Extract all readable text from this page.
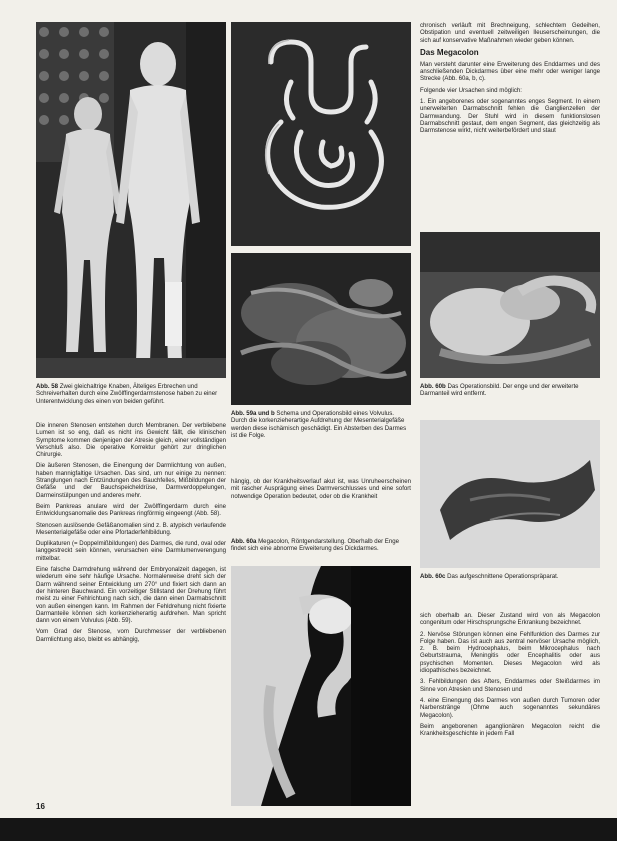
Abb. 58 Zwei gleichaltrige Knaben, Älteliges Erbrechen und Schreiverhalten durch eine Zwölffingerdarmstenose haben zu einer Unterentwicklung des einen von beiden geführt.

Die inneren Stenosen entstehen durch Membranen. Der verbliebene Lumen ist so eng, daß es nicht ins Gewicht fällt, die klinischen Symptome kommen denjenigen der Atresie gleich, einer vollständigen Verschluß also. Die operative Korrektur gehört zur dringlichen Chirurgie.

Die äußeren Stenosen, die Einengung der Darmlichtung von außen, haben mannigfaltige Ursachen. Das sind, um nur einige zu nennen: Stranglungen nach Entzündungen des Bauchfelles, Mißbildungen der Gefäße und der Bauchspeicheldrüse, Darmverdoppelungen, Darmeinstülpungen und anderes mehr.

Beim Pankreas anulare wird der Zwölffingerdarm durch eine Entwicklungsanomalie des Pankreas ringförmig eingeengt (Abb. 58).

Stenosen auslösende Gefäßanomalien sind z. B. atypisch verlaufende Mesenterialgefäße oder eine Pfortaderfehlbildung.

Duplikaturen (= Doppelmißbildungen) des Darmes, die rund, oval oder langgestreckt sein können, verursachen eine Darmlumenverengung mittelbar.

Eine falsche Darmdrehung während der Embryonalzeit dagegen, ist wiederum eine sehr häufige Ursache. Normalerweise dreht sich der Darm während seiner Entwicklung um 270° und fixiert sich dann an der hinteren Bauchwand. Ein vorzeitiger Stillstand der Drehung führt meist zu einer Fehlrichtung nach sich, die dann einen Darmabschnitt von außen einengen kann. Im Rahmen der Fehldrehung nicht fixierte Darmanteile können sich korkenzieherartig aufdrehen. Man spricht dann von einem Volvulus (Abb. 59).

Vom Grad der Stenose, vom Durchmesser der verbliebenen Darmlichtung also, bleibt es abhängig,

Abb. 59a und b Schema und Operationsbild eines Volvulus. Durch die korkenzieherartige Aufdrehung der Mesenterialgefäße werden diese ischämisch geschädigt. Ein Absterben des Darmes ist die Folge.

hängig, ob der Krankheitsverlauf akut ist, was Unruheerscheinen mit rascher Ausprägung eines Darmverschlusses und eine sofort notwendige Operation bedeutet, oder ob die Krankheit

Abb. 60a Megacolon, Röntgendarstellung. Oberhalb der Enge findet sich eine abnorme Erweiterung des Dickdarmes.

chronisch verläuft mit Brechneigung, schlechtem Gedeihen, Obstipation und eventuell zeitweiligen Ileuserscheinungen, die sich auf konservative Maßnahmen wieder geben können.

Das Megacolon

Man versteht darunter eine Erweiterung des Enddarmes und des anschließenden Dickdarmes über eine mehr oder weniger lange Strecke (Abb. 60a, b, c).

Folgende vier Ursachen sind möglich:

1. Ein angeborenes oder sogenanntes enges Segment. In einem unerweiterten Darmabschnitt fehlen die Ganglienzellen der Darmwandung. Der Stuhl wird in diesem funktionslosen Darmabschnitt gestaut, dem engen Segment, das gleichzeitig als Darmstenose wirkt, nicht weiterbefördert und staut

Abb. 60b Das Operationsbild. Der enge und der erweiterte Darmanteil wird entfernt.
Abb. 60c Das aufgeschnittene Operationspräparat.

sich oberhalb an. Dieser Zustand wird von als Megacolon congenitum oder Hirschsprungsche Erkrankung bezeichnet.

2. Nervöse Störungen können eine Fehlfunktion des Darmes zur Folge haben. Das ist auch aus zentral nervöser Ursache möglich, z. B. beim Hydrocephalus, beim Mikrocephalus nach Geburtstrauma, Meningitis oder Encephalitis oder aus psychischen Momenten. Dieses Megacolon wird als idiopathisches bezeichnet.

3. Fehlbildungen des Afters, Enddarmes oder Steißdarmes im Sinne von Atresien und Stenosen und

4. eine Einengung des Darmes von außen durch Tumoren oder Narbenstränge (Ohme auch sogenanntes sekundäres Megacolon).

Beim angeborenen aganglionären Megacolon reicht die Krankheitsgeschichte in jedem Fall

16
